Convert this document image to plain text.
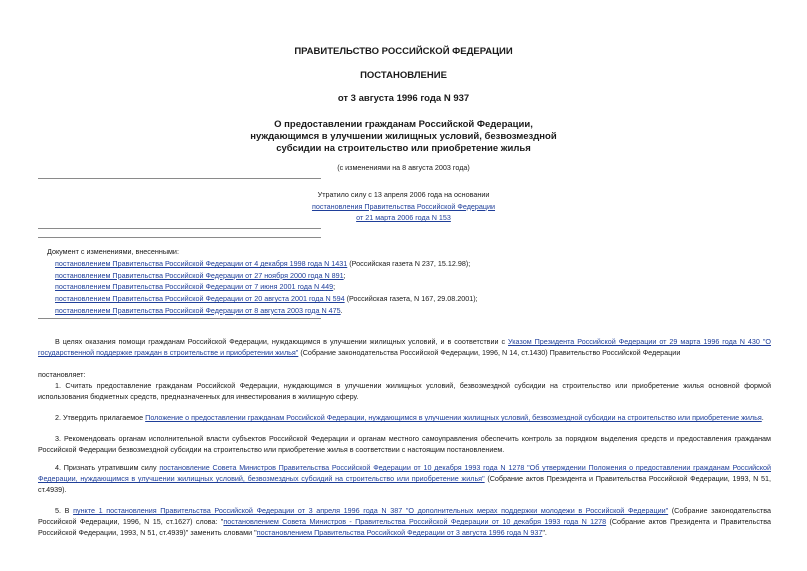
ПРАВИТЕЛЬСТВО РОССИЙСКОЙ ФЕДЕРАЦИИ
ПОСТАНОВЛЕНИЕ
от 3 августа 1996 года N 937
О предоставлении гражданам Российской Федерации,
нуждающимся в улучшении жилищных условий, безвозмездной
субсидии на строительство или приобретение жилья
(с изменениями на 8 августа 2003 года)
Утратило силу с 13 апреля 2006 года на основании
постановления Правительства Российской Федерации
от 21 марта 2006 года N 153
Документ с изменениями, внесенными:
постановлением Правительства Российской Федерации от 4 декабря 1998 года N 1431 (Российская газета N 237, 15.12.98);
постановлением Правительства Российской Федерации от 27 ноября 2000 года N 891;
постановлением Правительства Российской Федерации от 7 июня 2001 года N 449;
постановлением Правительства Российской Федерации от 20 августа 2001 года N 594 (Российская газета, N 167, 29.08.2001);
постановлением Правительства Российской Федерации от 8 августа 2003 года N 475.
В целях оказания помощи гражданам Российской Федерации, нуждающимся в улучшении жилищных условий, и в соответствии с Указом Президента Российской Федерации от 29 марта 1996 года N 430 "О государственной поддержке граждан в строительстве и приобретении жилья" (Собрание законодательства Российской Федерации, 1996, N 14, ст.1430) Правительство Российской Федерации
постановляет:
1. Считать предоставление гражданам Российской Федерации, нуждающимся в улучшении жилищных условий, безвозмездной субсидии на строительство или приобретение жилья основной формой использования бюджетных средств, предназначенных для инвестирования в жилищную сферу.
2. Утвердить прилагаемое Положение о предоставлении гражданам Российской Федерации, нуждающимся в улучшении жилищных условий, безвозмездной субсидии на строительство или приобретение жилья.
3. Рекомендовать органам исполнительной власти субъектов Российской Федерации и органам местного самоуправления обеспечить контроль за порядком выделения средств и предоставления гражданам Российской Федерации безвозмездной субсидии на строительство или приобретение жилья в соответствии с настоящим постановлением.
4. Признать утратившим силу постановление Совета Министров Правительства Российской Федерации от 10 декабря 1993 года N 1278 "Об утверждении Положения о предоставлении гражданам Российской Федерации, нуждающимся в улучшении жилищных условий, безвозмездных субсидий на строительство или приобретение жилья" (Собрание актов Президента и Правительства Российской Федерации, 1993, N 51, ст.4939).
5. В пункте 1 постановления Правительства Российской Федерации от 3 апреля 1996 года N 387 "О дополнительных мерах поддержки молодежи в Российской Федерации" (Собрание законодательства Российской Федерации, 1996, N 15, ст.1627) слова: "постановлением Совета Министров - Правительства Российской Федерации от 10 декабря 1993 года N 1278 (Собрание актов Президента и Правительства Российской Федерации, 1993, N 51, ст.4939)" заменить словами "постановлением Правительства Российской Федерации от 3 августа 1996 года N 937".
